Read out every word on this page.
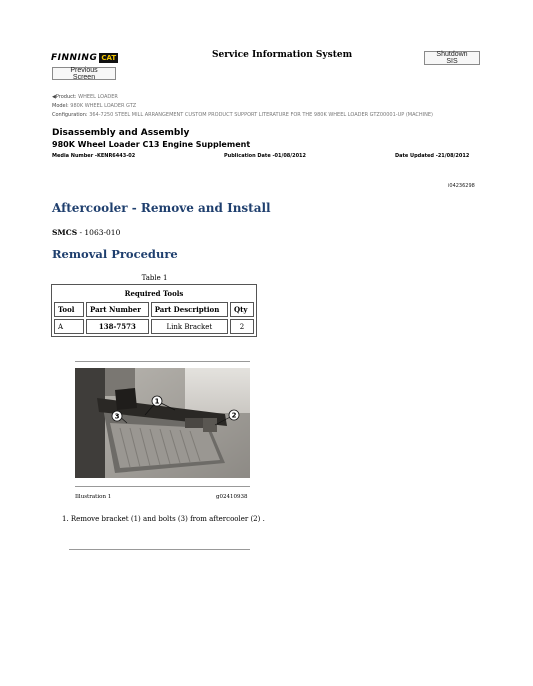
FINNING CAT	Service Information System	Shutdown SIS
Previous Screen
◀Product: WHEEL LOADER
Model: 980K WHEEL LOADER GTZ
Configuration: 364-7250 STEEL MILL ARRANGEMENT CUSTOM PRODUCT SUPPORT LITERATURE FOR THE 980K WHEEL LOADER GTZ00001-UP (MACHINE)
Disassembly and Assembly
980K Wheel Loader C13 Engine Supplement
Media Number -KENR6443-02	Publication Date -01/08/2012	Date Updated -21/08/2012
i04236298
Aftercooler - Remove and Install
SMCS - 1063-010
Removal Procedure
Table 1
Required Tools			
Tool	Part Number	Part Description	Qty
A	138-7573	Link Bracket	2
1
2
3
Illustration 1	g02410938
1. Remove bracket (1) and bolts (3) from aftercooler (2) .
